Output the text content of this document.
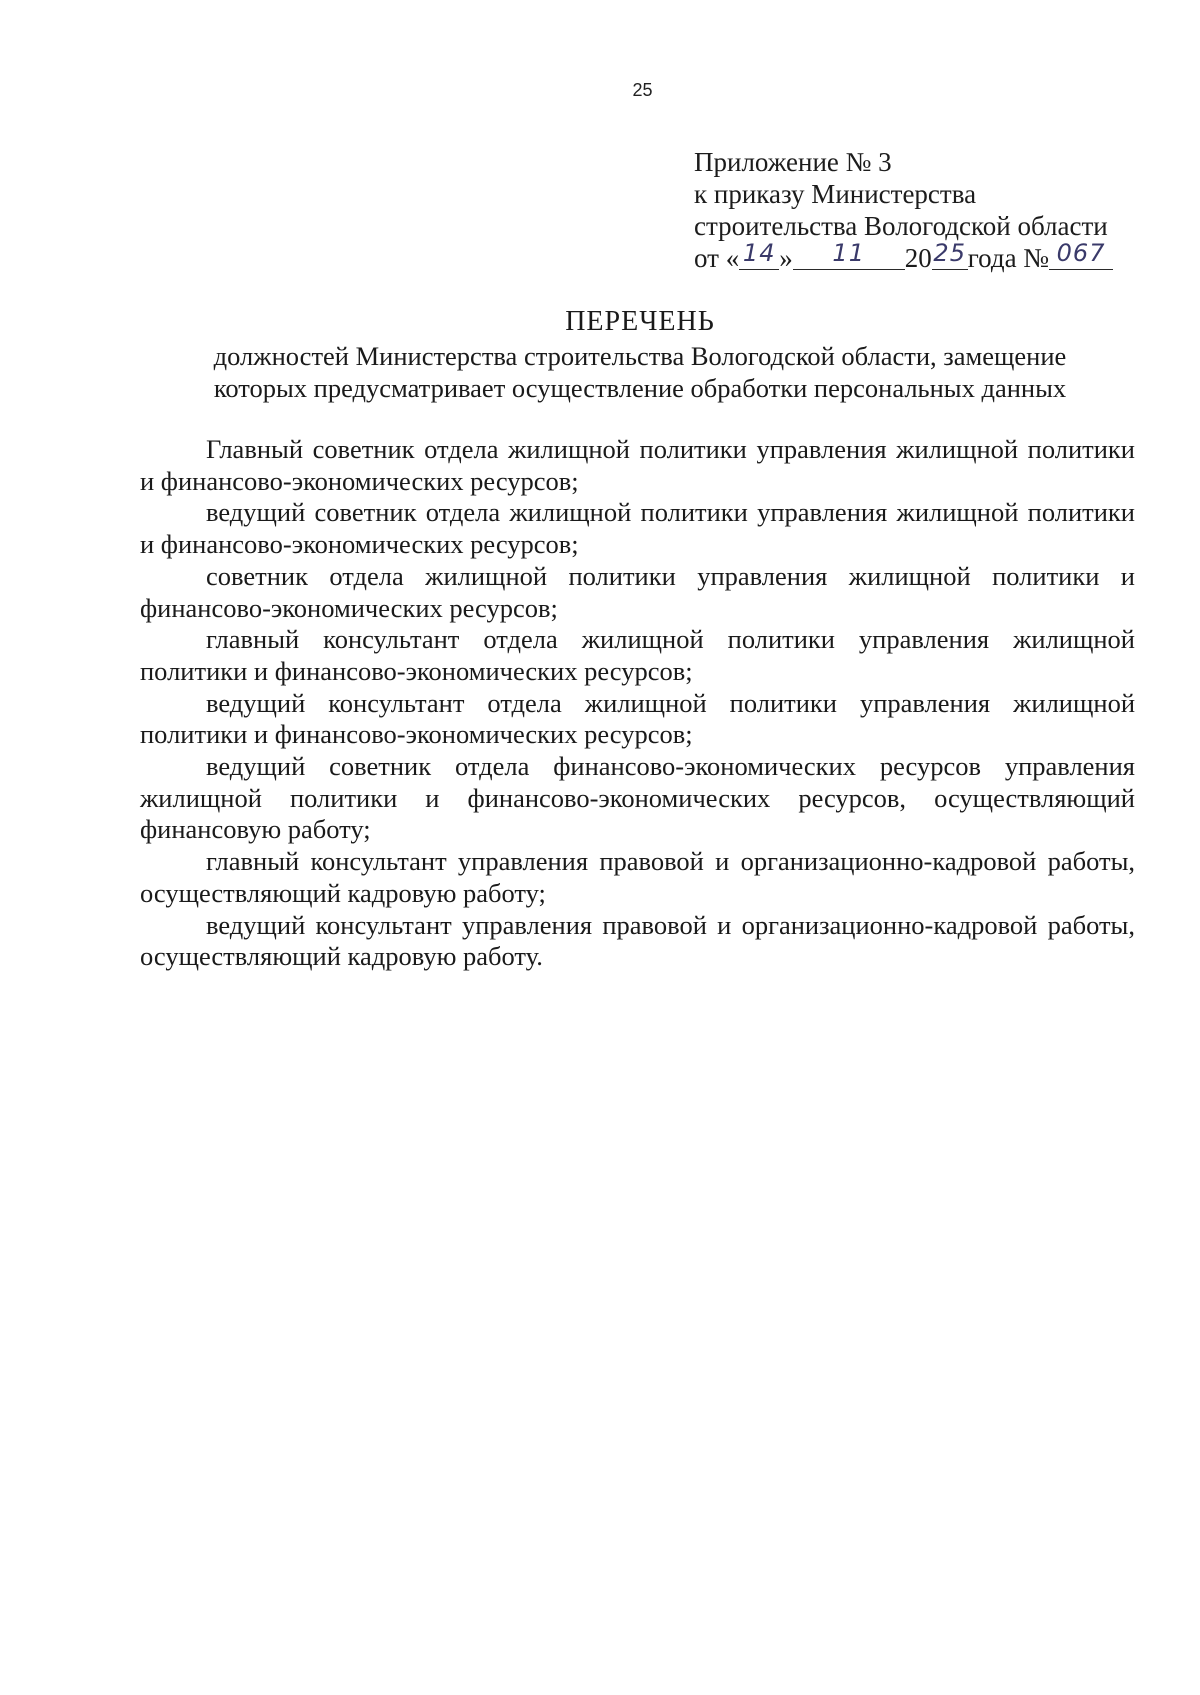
25
Приложение № 3
к приказу Министерства
строительства Вологодской области
от « 14 » 11 2025года № 067
ПЕРЕЧЕНЬ
должностей Министерства строительства Вологодской области, замещение
которых предусматривает осуществление обработки персональных данных
Главный советник отдела жилищной политики управления жилищной политики и финансово-экономических ресурсов;
ведущий советник отдела жилищной политики управления жилищной политики и финансово-экономических ресурсов;
советник отдела жилищной политики управления жилищной политики и финансово-экономических ресурсов;
главный консультант отдела жилищной политики управления жилищной политики и финансово-экономических ресурсов;
ведущий консультант отдела жилищной политики управления жилищной политики и финансово-экономических ресурсов;
ведущий советник отдела финансово-экономических ресурсов управления жилищной политики и финансово-экономических ресурсов, осуществляющий финансовую работу;
главный консультант управления правовой и организационно-кадровой работы, осуществляющий кадровую работу;
ведущий консультант управления правовой и организационно-кадровой работы, осуществляющий кадровую работу.
